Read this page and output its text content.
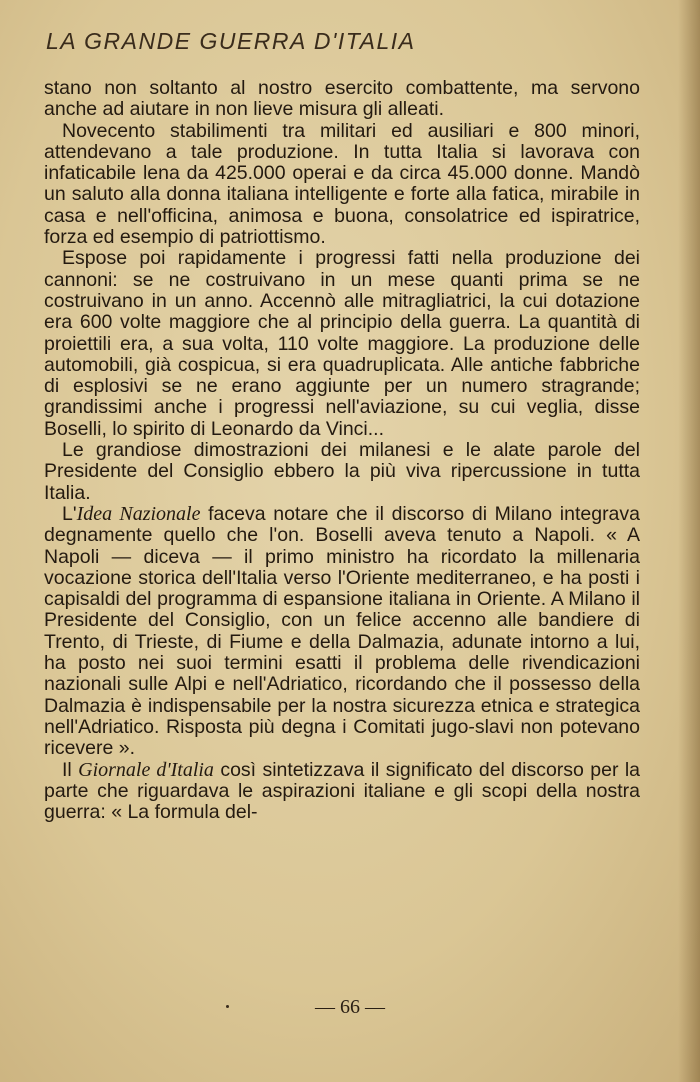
LA GRANDE GUERRA D'ITALIA

stano non soltanto al nostro esercito combattente, ma servono anche ad aiutare in non lieve misura gli alleati.

Novecento stabilimenti tra militari ed ausiliari e 800 minori, attendevano a tale produzione. In tutta Italia si lavorava con infaticabile lena da 425.000 operai e da circa 45.000 donne. Mandò un saluto alla donna italiana intelligente e forte alla fatica, mirabile in casa e nell'officina, animosa e buona, consolatrice ed ispiratrice, forza ed esempio di patriottismo.

Espose poi rapidamente i progressi fatti nella produzione dei cannoni: se ne costruivano in un mese quanti prima se ne costruivano in un anno. Accennò alle mitragliatrici, la cui dotazione era 600 volte maggiore che al principio della guerra. La quantità di proiettili era, a sua volta, 110 volte maggiore. La produzione delle automobili, già cospicua, si era quadruplicata. Alle antiche fabbriche di esplosivi se ne erano aggiunte per un numero stragrande; grandissimi anche i progressi nell'aviazione, su cui veglia, disse Boselli, lo spirito di Leonardo da Vinci...

Le grandiose dimostrazioni dei milanesi e le alate parole del Presidente del Consiglio ebbero la più viva ripercussione in tutta Italia.

L'Idea Nazionale faceva notare che il discorso di Milano integrava degnamente quello che l'on. Boselli aveva tenuto a Napoli. « A Napoli — diceva — il primo ministro ha ricordato la millenaria vocazione storica dell'Italia verso l'Oriente mediterraneo, e ha posti i capisaldi del programma di espansione italiana in Oriente. A Milano il Presidente del Consiglio, con un felice accenno alle bandiere di Trento, di Trieste, di Fiume e della Dalmazia, adunate intorno a lui, ha posto nei suoi termini esatti il problema delle rivendicazioni nazionali sulle Alpi e nell'Adriatico, ricordando che il possesso della Dalmazia è indispensabile per la nostra sicurezza etnica e strategica nell'Adriatico. Risposta più degna i Comitati jugo-slavi non potevano ricevere ».

Il Giornale d'Italia così sintetizzava il significato del discorso per la parte che riguardava le aspirazioni italiane e gli scopi della nostra guerra: « La formula del-

— 66 —
